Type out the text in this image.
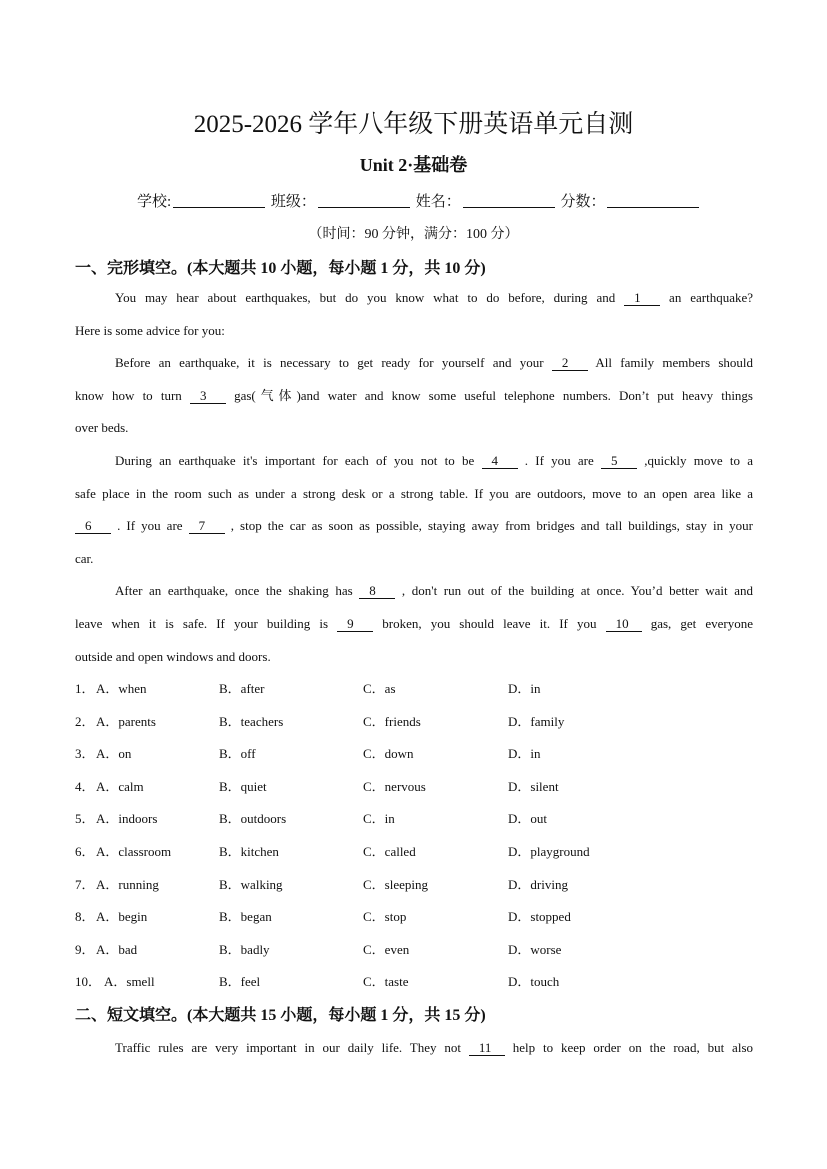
2025-2026 学年八年级下册英语单元自测
Unit 2·基础卷
学校:	班级：	姓名：	分数：
（时间：90 分钟，满分：100 分）
一、完形填空。(本大题共 10 小题，每小题 1 分，共 10 分)
You may hear about earthquakes, but do you know what to do before, during and 1 an earthquake?
Here is some advice for you:
Before an earthquake, it is necessary to get ready for yourself and your 2 All family members should
know how to turn 3 gas(气体)and water and know some useful telephone numbers. Don’t put heavy things
over beds.
During an earthquake it's important for each of you not to be 4 . If you are 5 ,quickly move to a
safe place in the room such as under a strong desk or a strong table. If you are outdoors, move to an open area like a
6 . If you are 7 , stop the car as soon as possible, staying away from bridges and tall buildings, stay in your
car.
After an earthquake, once the shaking has 8 , don't run out of the building at once. You’d better wait and
leave when it is safe. If your building is 9 broken, you should leave it. If you 10 gas, get everyone
outside and open windows and doors.
1． A．when	B．after	C．as	D．in
2． A．parents	B．teachers	C．friends	D．family
3． A．on	B．off	C．down	D．in
4． A．calm	B．quiet	C．nervous	D．silent
5． A．indoors	B．outdoors	C．in	D．out
6． A．classroom	B．kitchen	C．called	D．playground
7． A．running	B．walking	C．sleeping	D．driving
8． A．begin	B．began	C．stop	D．stopped
9． A．bad	B．badly	C．even	D．worse
10． A．smell	B．feel	C．taste	D．touch
二、短文填空。(本大题共 15 小题，每小题 1 分，共 15 分)
Traffic rules are very important in our daily life. They not 11 help to keep order on the road, but also
